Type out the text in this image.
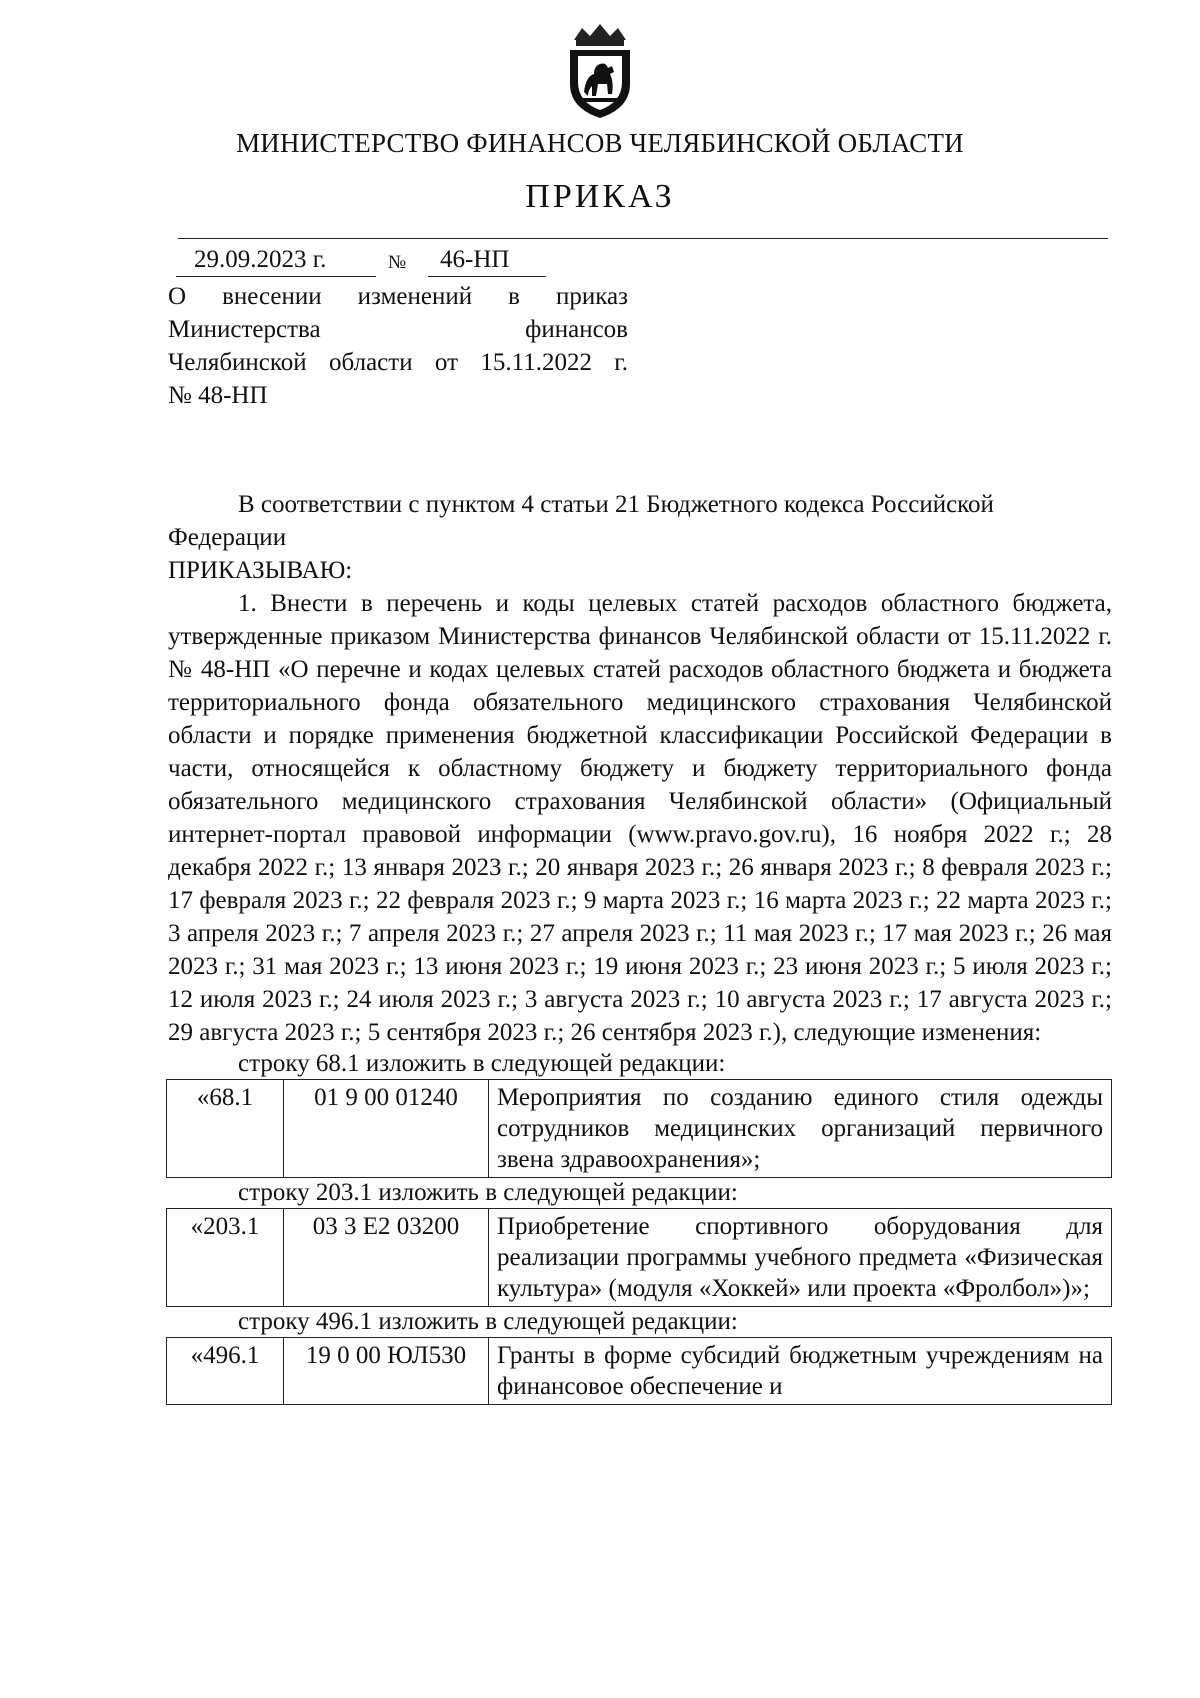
МИНИСТЕРСТВО ФИНАНСОВ ЧЕЛЯБИНСКОЙ ОБЛАСТИ
ПРИКАЗ
29.09.2023 г.	№	46-НП
О внесении изменений в приказ
Министерства финансов
Челябинской области от 15.11.2022 г.
№ 48-НП

В соответствии с пунктом 4 статьи 21 Бюджетного кодекса Российской Федерации

ПРИКАЗЫВАЮ:

1. Внести в перечень и коды целевых статей расходов областного бюджета, утвержденные приказом Министерства финансов Челябинской области от 15.11.2022 г. № 48-НП «О перечне и кодах целевых статей расходов областного бюджета и бюджета территориального фонда обязательного медицинского страхования Челябинской области и порядке применения бюджетной классификации Российской Федерации в части, относящейся к областному бюджету и бюджету территориального фонда обязательного медицинского страхования Челябинской области» (Официальный интернет-портал правовой информации (www.pravo.gov.ru), 16 ноября 2022 г.; 28 декабря 2022 г.; 13 января 2023 г.; 20 января 2023 г.; 26 января 2023 г.; 8 февраля 2023 г.; 17 февраля 2023 г.; 22 февраля 2023 г.; 9 марта 2023 г.; 16 марта 2023 г.; 22 марта 2023 г.; 3 апреля 2023 г.; 7 апреля 2023 г.; 27 апреля 2023 г.; 11 мая 2023 г.; 17 мая 2023 г.; 26 мая 2023 г.; 31 мая 2023 г.; 13 июня 2023 г.; 19 июня 2023 г.; 23 июня 2023 г.; 5 июля 2023 г.; 12 июля 2023 г.; 24 июля 2023 г.; 3 августа 2023 г.; 10 августа 2023 г.; 17 августа 2023 г.; 29 августа 2023 г.; 5 сентября 2023 г.; 26 сентября 2023 г.), следующие изменения:

строку 68.1 изложить в следующей редакции:

«68.1	01 9 00 01240	Мероприятия по созданию единого стиля одежды сотрудников медицинских организаций первичного звена здравоохранения»;

строку 203.1 изложить в следующей редакции:

«203.1	03 3 Е2 03200	Приобретение спортивного оборудования для реализации программы учебного предмета «Физическая культура» (модуля «Хоккей» или проекта «Фролбол»)»;

строку 496.1 изложить в следующей редакции:

«496.1	19 0 00 ЮЛ530	Гранты в форме субсидий бюджетным учреждениям на финансовое обеспечение и
